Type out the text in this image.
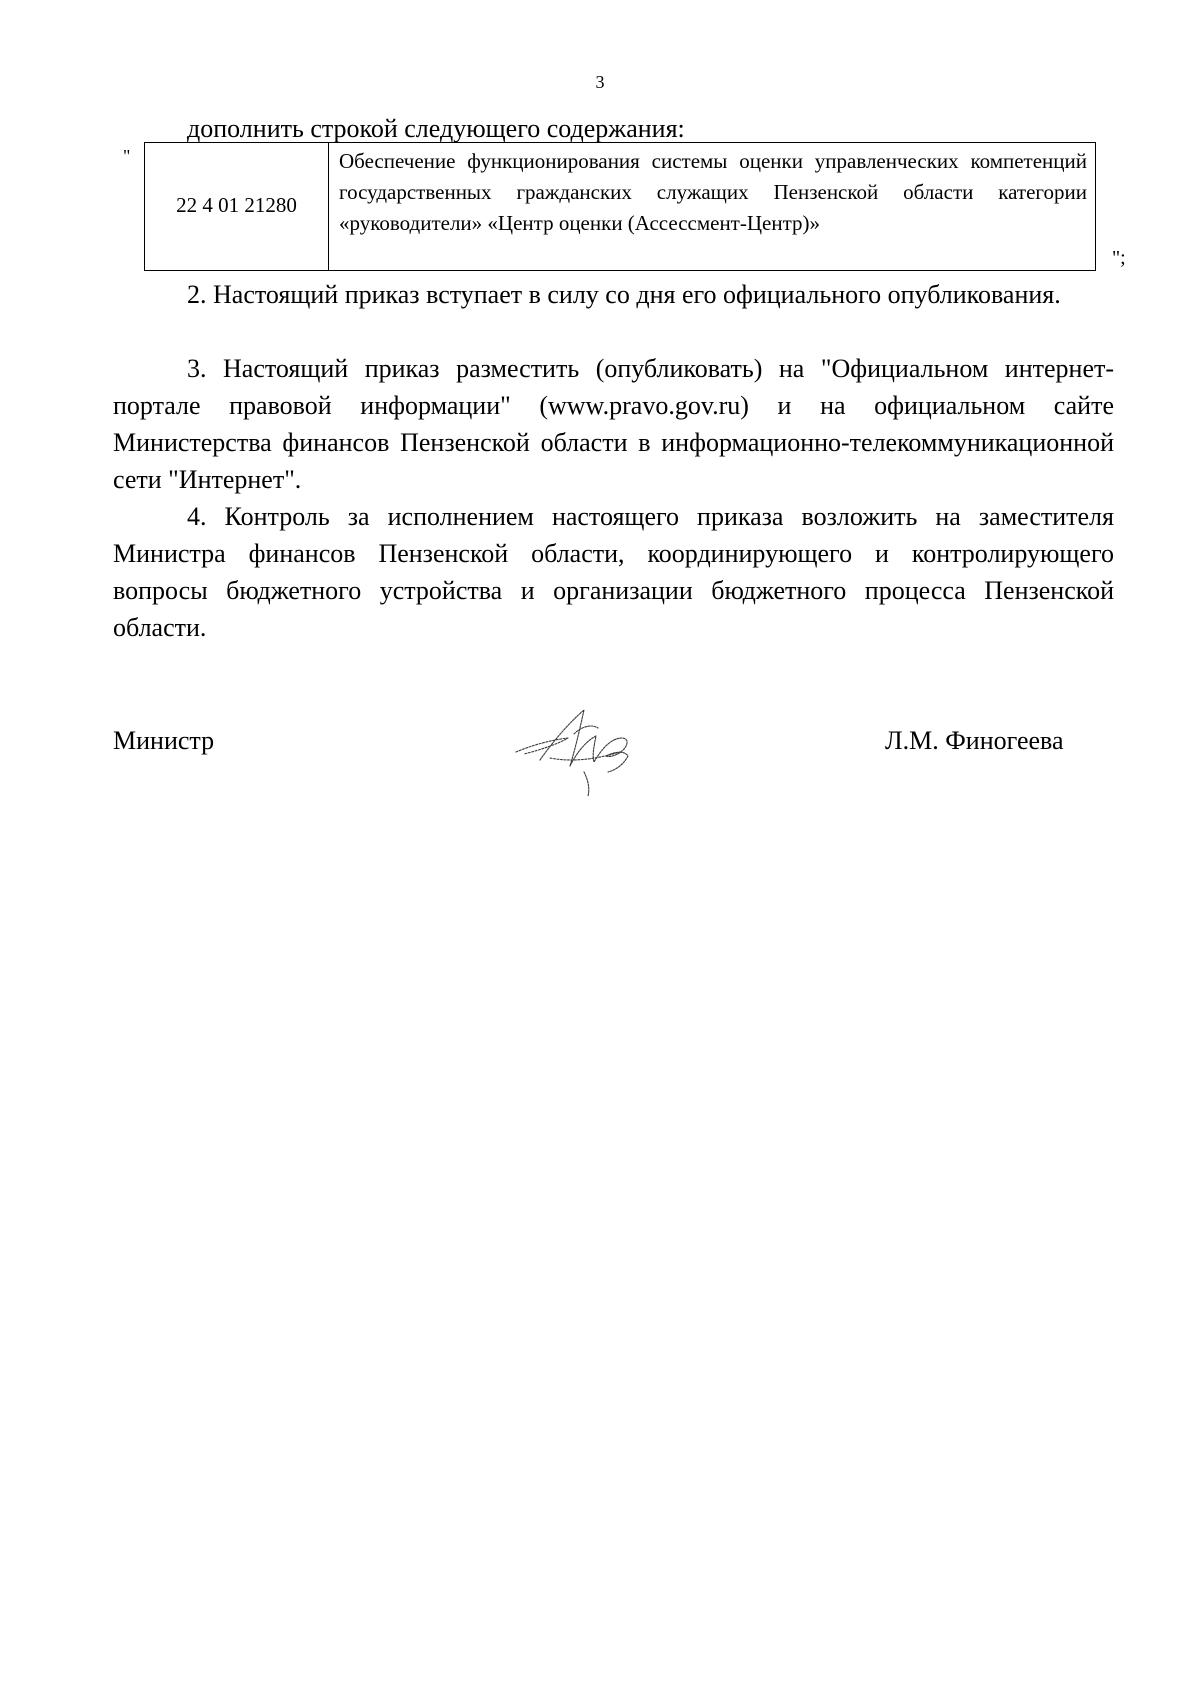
3
дополнить строкой следующего содержания:
"
22 4 01 21280	Обеспечение функционирования системы оценки управленческих компетенций государственных гражданских служащих Пензенской области категории «руководители» «Центр оценки (Ассессмент-Центр)»
";

2. Настоящий приказ вступает в силу со дня его официального опубликования.

3. Настоящий приказ разместить (опубликовать) на "Официальном интернет-портале правовой информации" (www.pravo.gov.ru) и на официальном сайте Министерства финансов Пензенской области в информационно-телекоммуникационной сети "Интернет".

4. Контроль за исполнением настоящего приказа возложить на заместителя Министра финансов Пензенской области, координирующего и контролирующего вопросы бюджетного устройства и организации бюджетного процесса Пензенской области.

Министр	Л.М. Финогеева
